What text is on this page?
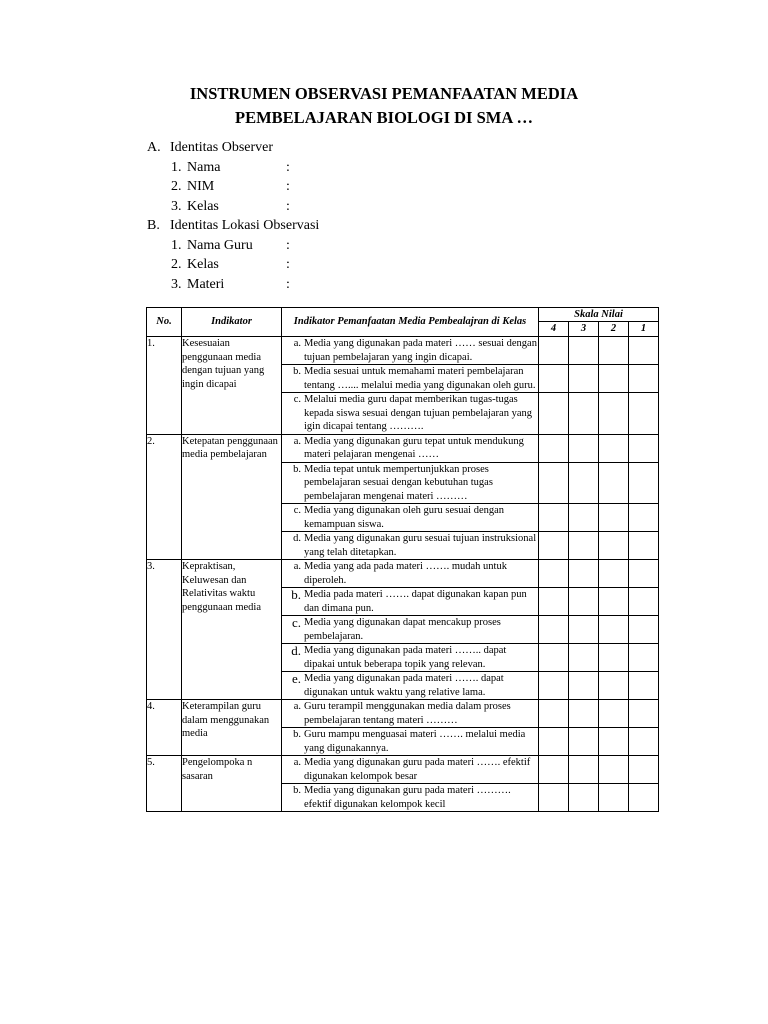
INSTRUMEN OBSERVASI PEMANFAATAN MEDIA
PEMBELAJARAN BIOLOGI DI SMA …
A. Identitas Observer
1. Nama	:
2. NIM	:
3. Kelas	:
B. Identitas Lokasi Observasi
1. Nama Guru :
2. Kelas	:
3. Materi	:
No.	Indikator	Indikator Pemanfaatan Media Pembealajran di Kelas	Skala Nilai			
			4	3	2	1
1.	Kesesuaian penggunaan media dengan tujuan yang ingin dicapai	a. Media yang digunakan pada materi …… sesuai dengan tujuan pembelajaran yang ingin dicapai.				

		b. Media sesuai untuk memahami materi pembelajaran tentang ….... melalui media yang digunakan oleh guru.				

		c. Melalui media guru dapat memberikan tugas-tugas kepada siswa sesuai dengan tujuan pembelajaran yang igin dicapai tentang ……….				

2.	Ketepatan penggunaan media pembelajaran	a. Media yang digunakan guru tepat untuk mendukung materi pelajaran mengenai ……				

		b. Media tepat untuk mempertunjukkan proses pembelajaran sesuai dengan kebutuhan tugas pembelajaran mengenai materi ………				

		c. Media yang digunakan oleh guru sesuai dengan kemampuan siswa.				

		d. Media yang digunakan guru sesuai tujuan instruksional yang telah ditetapkan.				

3.	Kepraktisan, Keluwesan dan Relativitas waktu penggunaan media	a. Media yang ada pada materi ……. mudah untuk diperoleh.				

		b. Media pada materi ……. dapat digunakan kapan pun dan dimana pun.				

		c. Media yang digunakan dapat mencakup proses pembelajaran.				

		d. Media yang digunakan pada materi …….. dapat dipakai untuk beberapa topik yang relevan.				

		e. Media yang digunakan pada materi ……. dapat digunakan untuk waktu yang relative lama.				

4.	Keterampilan guru dalam menggunakan media	a. Guru terampil menggunakan media dalam proses pembelajaran tentang materi ………				

		b. Guru mampu menguasai materi ……. melalui media yang digunakannya.				

5.	Pengelompoka n sasaran	a. Media yang digunakan guru pada materi ……. efektif digunakan kelompok besar				

		b. Media yang digunakan guru pada materi ………. efektif digunakan kelompok kecil				
